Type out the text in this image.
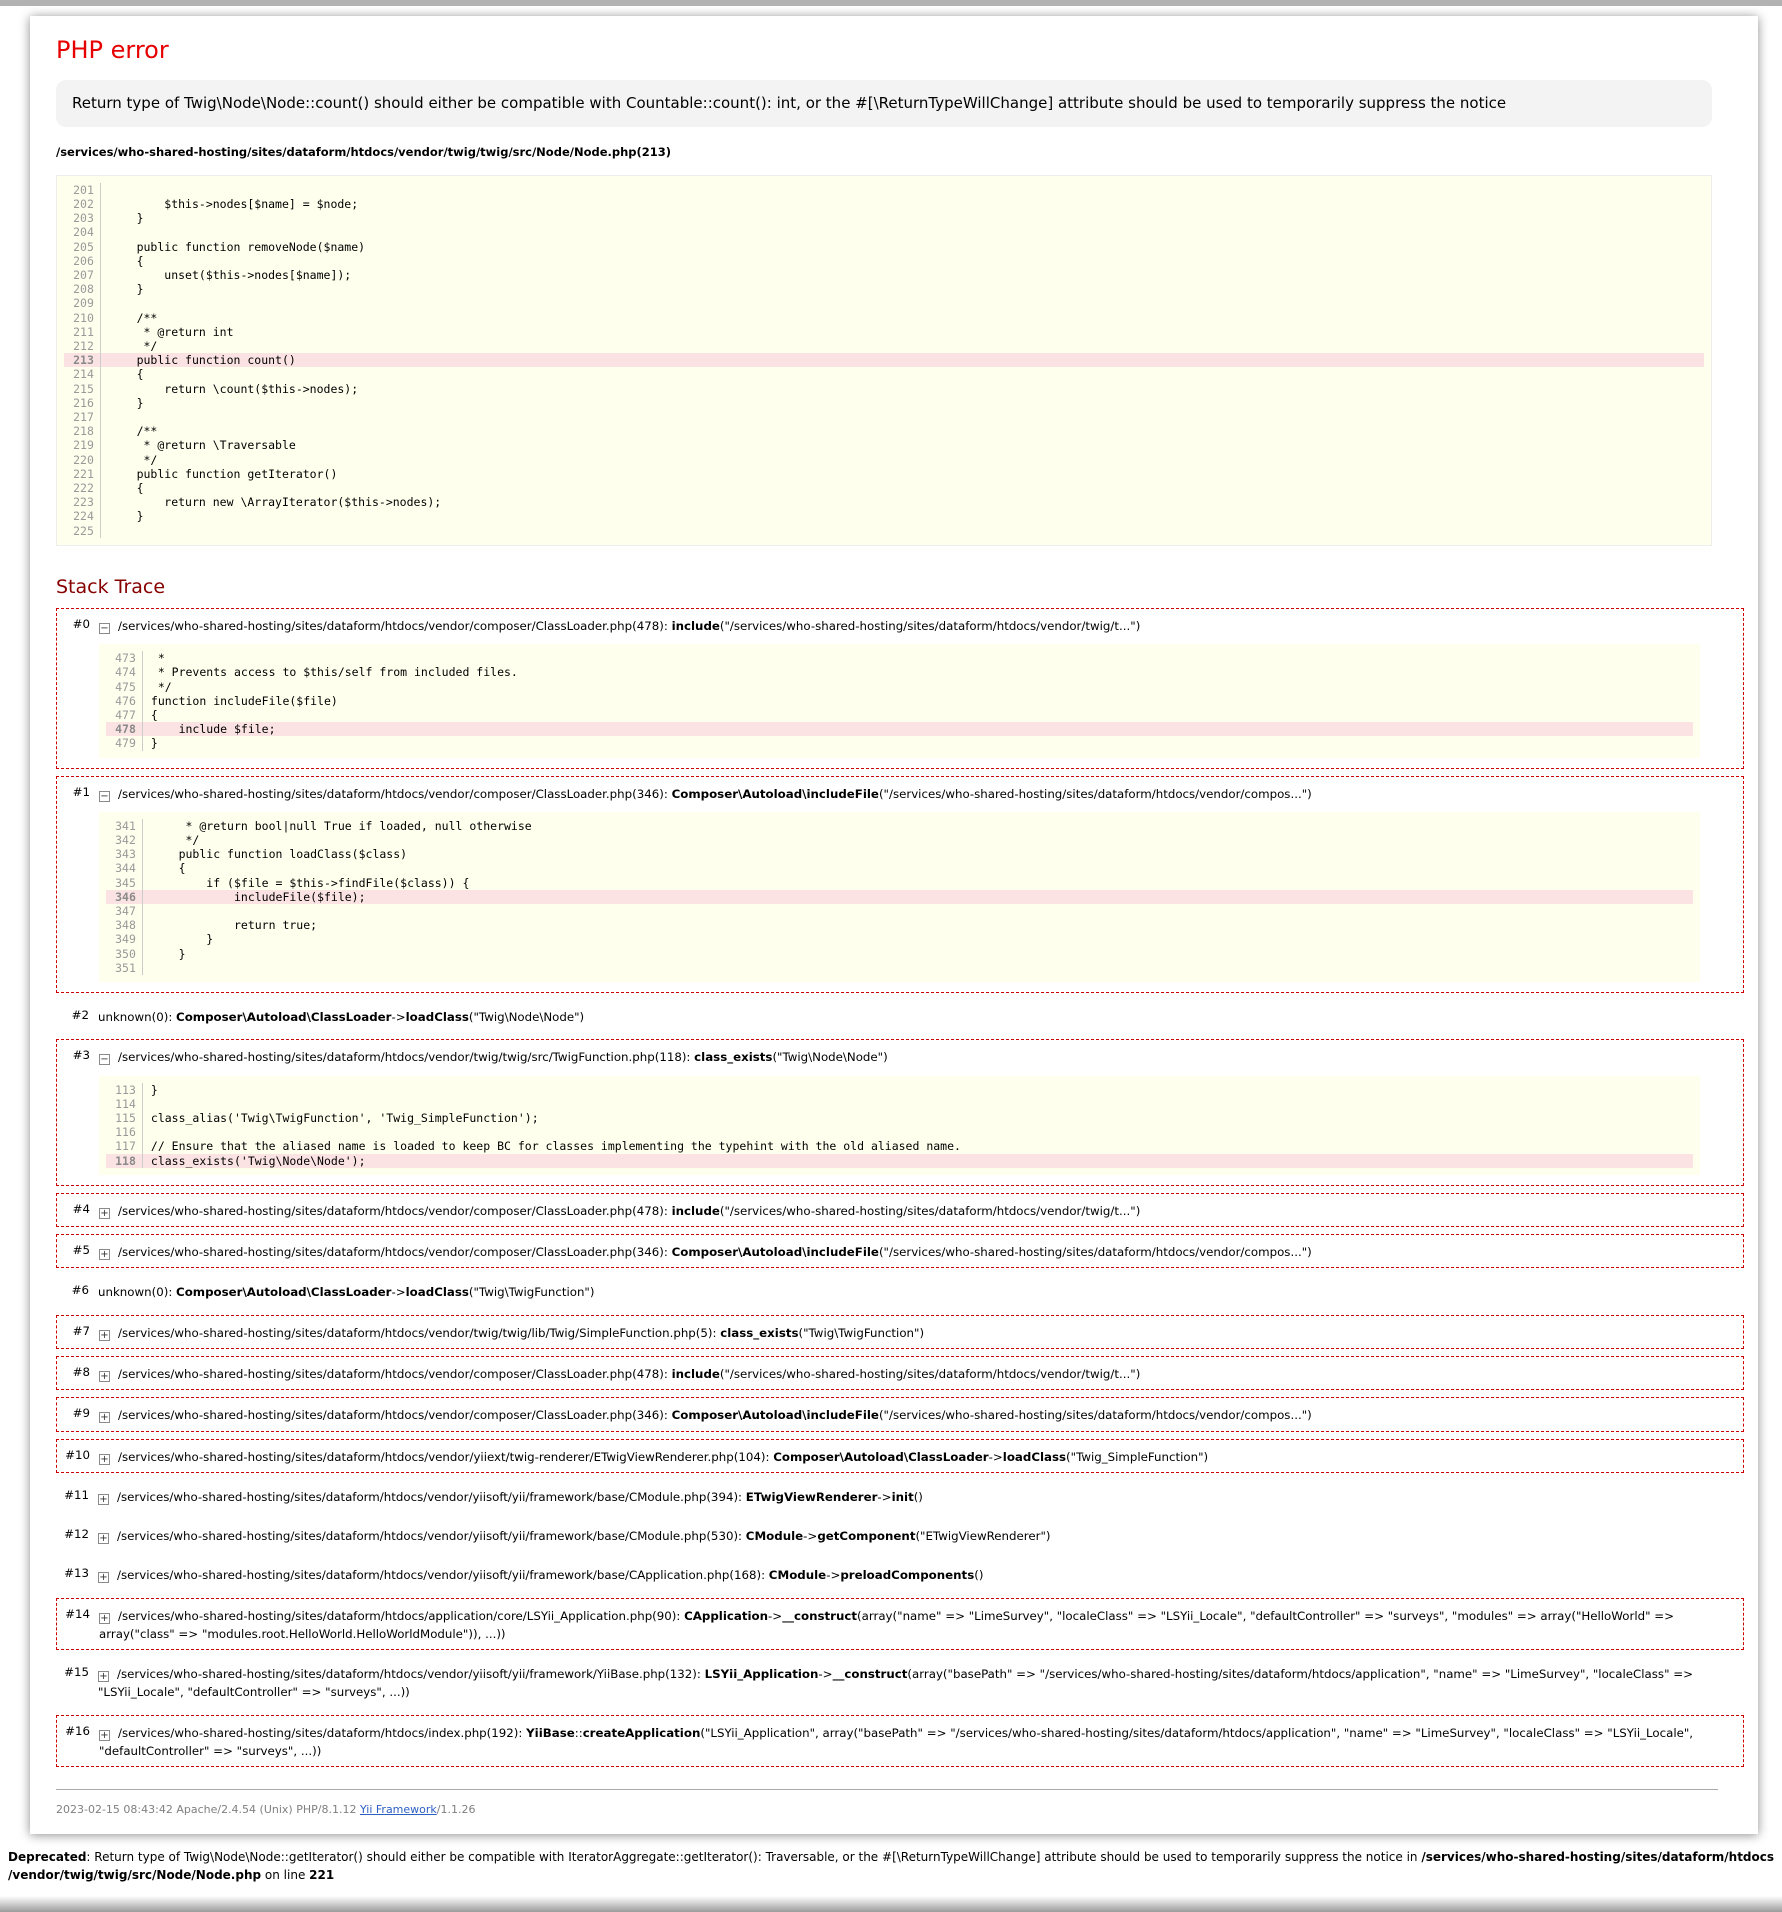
PHP error
Return type of Twig\Node\Node::count() should either be compatible with Countable::count(): int, or the #[\ReturnTypeWillChange] attribute should be used to temporarily suppress the notice
/services/who-shared-hosting/sites/dataform/htdocs/vendor/twig/twig/src/Node/Node.php(213)
201
202        $this->nodes[$name] = $node;
203    }
204
205    public function removeNode($name)
206    {
207        unset($this->nodes[$name]);
208    }
209
210    /**
211     * @return int
212     */
213    public function count()
214    {
215        return \count($this->nodes);
216    }
217
218    /**
219     * @return \Traversable
220     */
221    public function getIterator()
222    {
223        return new \ArrayIterator($this->nodes);
224    }
225
Stack Trace
#0	− /services/who-shared-hosting/sites/dataform/htdocs/vendor/composer/ClassLoader.php(478): include("/services/who-shared-hosting/sites/dataform/htdocs/vendor/twig/t...")
473 *
474 * Prevents access to $this/self from included files.
475 */
476 function includeFile($file)
477 {
478    include $file;
479 }
#1	− /services/who-shared-hosting/sites/dataform/htdocs/vendor/composer/ClassLoader.php(346): Composer\Autoload\includeFile("/services/who-shared-hosting/sites/dataform/htdocs/vendor/compos...")
341     * @return bool|null True if loaded, null otherwise
342     */
343    public function loadClass($class)
344    {
345        if ($file = $this->findFile($class)) {
346            includeFile($file);
347
348            return true;
349        }
350    }
351
#2 unknown(0): Composer\Autoload\ClassLoader->loadClass("Twig\Node\Node")
#3	− /services/who-shared-hosting/sites/dataform/htdocs/vendor/twig/twig/src/TwigFunction.php(118): class_exists("Twig\Node\Node")
113 }
114
115 class_alias('Twig\TwigFunction', 'Twig_SimpleFunction');
116
117 // Ensure that the aliased name is loaded to keep BC for classes implementing the typehint with the old aliased name.
118 class_exists('Twig\Node\Node');
#4	+ /services/who-shared-hosting/sites/dataform/htdocs/vendor/composer/ClassLoader.php(478): include("/services/who-shared-hosting/sites/dataform/htdocs/vendor/twig/t...")
#5	+ /services/who-shared-hosting/sites/dataform/htdocs/vendor/composer/ClassLoader.php(346): Composer\Autoload\includeFile("/services/who-shared-hosting/sites/dataform/htdocs/vendor/compos...")
#6 unknown(0): Composer\Autoload\ClassLoader->loadClass("Twig\TwigFunction")
#7	+ /services/who-shared-hosting/sites/dataform/htdocs/vendor/twig/twig/lib/Twig/SimpleFunction.php(5): class_exists("Twig\TwigFunction")
#8	+ /services/who-shared-hosting/sites/dataform/htdocs/vendor/composer/ClassLoader.php(478): include("/services/who-shared-hosting/sites/dataform/htdocs/vendor/twig/t...")
#9	+ /services/who-shared-hosting/sites/dataform/htdocs/vendor/composer/ClassLoader.php(346): Composer\Autoload\includeFile("/services/who-shared-hosting/sites/dataform/htdocs/vendor/compos...")
#10	+ /services/who-shared-hosting/sites/dataform/htdocs/vendor/yiiext/twig-renderer/ETwigViewRenderer.php(104): Composer\Autoload\ClassLoader->loadClass("Twig_SimpleFunction")
#11	+ /services/who-shared-hosting/sites/dataform/htdocs/vendor/yiisoft/yii/framework/base/CModule.php(394): ETwigViewRenderer->init()
#12	+ /services/who-shared-hosting/sites/dataform/htdocs/vendor/yiisoft/yii/framework/base/CModule.php(530): CModule->getComponent("ETwigViewRenderer")
#13	+ /services/who-shared-hosting/sites/dataform/htdocs/vendor/yiisoft/yii/framework/base/CApplication.php(168): CModule->preloadComponents()
#14	+ /services/who-shared-hosting/sites/dataform/htdocs/application/core/LSYii_Application.php(90): CApplication->__construct(array("name" => "LimeSurvey", "localeClass" => "LSYii_Locale", "defaultController" => "surveys", "modules" => array("HelloWorld" => array("class" => "modules.root.HelloWorld.HelloWorldModule")), ...))
#15	+ /services/who-shared-hosting/sites/dataform/htdocs/vendor/yiisoft/yii/framework/YiiBase.php(132): LSYii_Application->__construct(array("basePath" => "/services/who-shared-hosting/sites/dataform/htdocs/application", "name" => "LimeSurvey", "localeClass" => "LSYii_Locale", "defaultController" => "surveys", ...))
#16	+ /services/who-shared-hosting/sites/dataform/htdocs/index.php(192): YiiBase::createApplication("LSYii_Application", array("basePath" => "/services/who-shared-hosting/sites/dataform/htdocs/application", "name" => "LimeSurvey", "localeClass" => "LSYii_Locale", "defaultController" => "surveys", ...))
2023-02-15 08:43:42 Apache/2.4.54 (Unix) PHP/8.1.12 Yii Framework/1.1.26

Deprecated: Return type of Twig\Node\Node::getIterator() should either be compatible with IteratorAggregate::getIterator(): Traversable, or the #[\ReturnTypeWillChange] attribute should be used to temporarily suppress the notice in /services/who-shared-hosting/sites/dataform/htdocs/vendor/twig/twig/src/Node/Node.php on line 221
